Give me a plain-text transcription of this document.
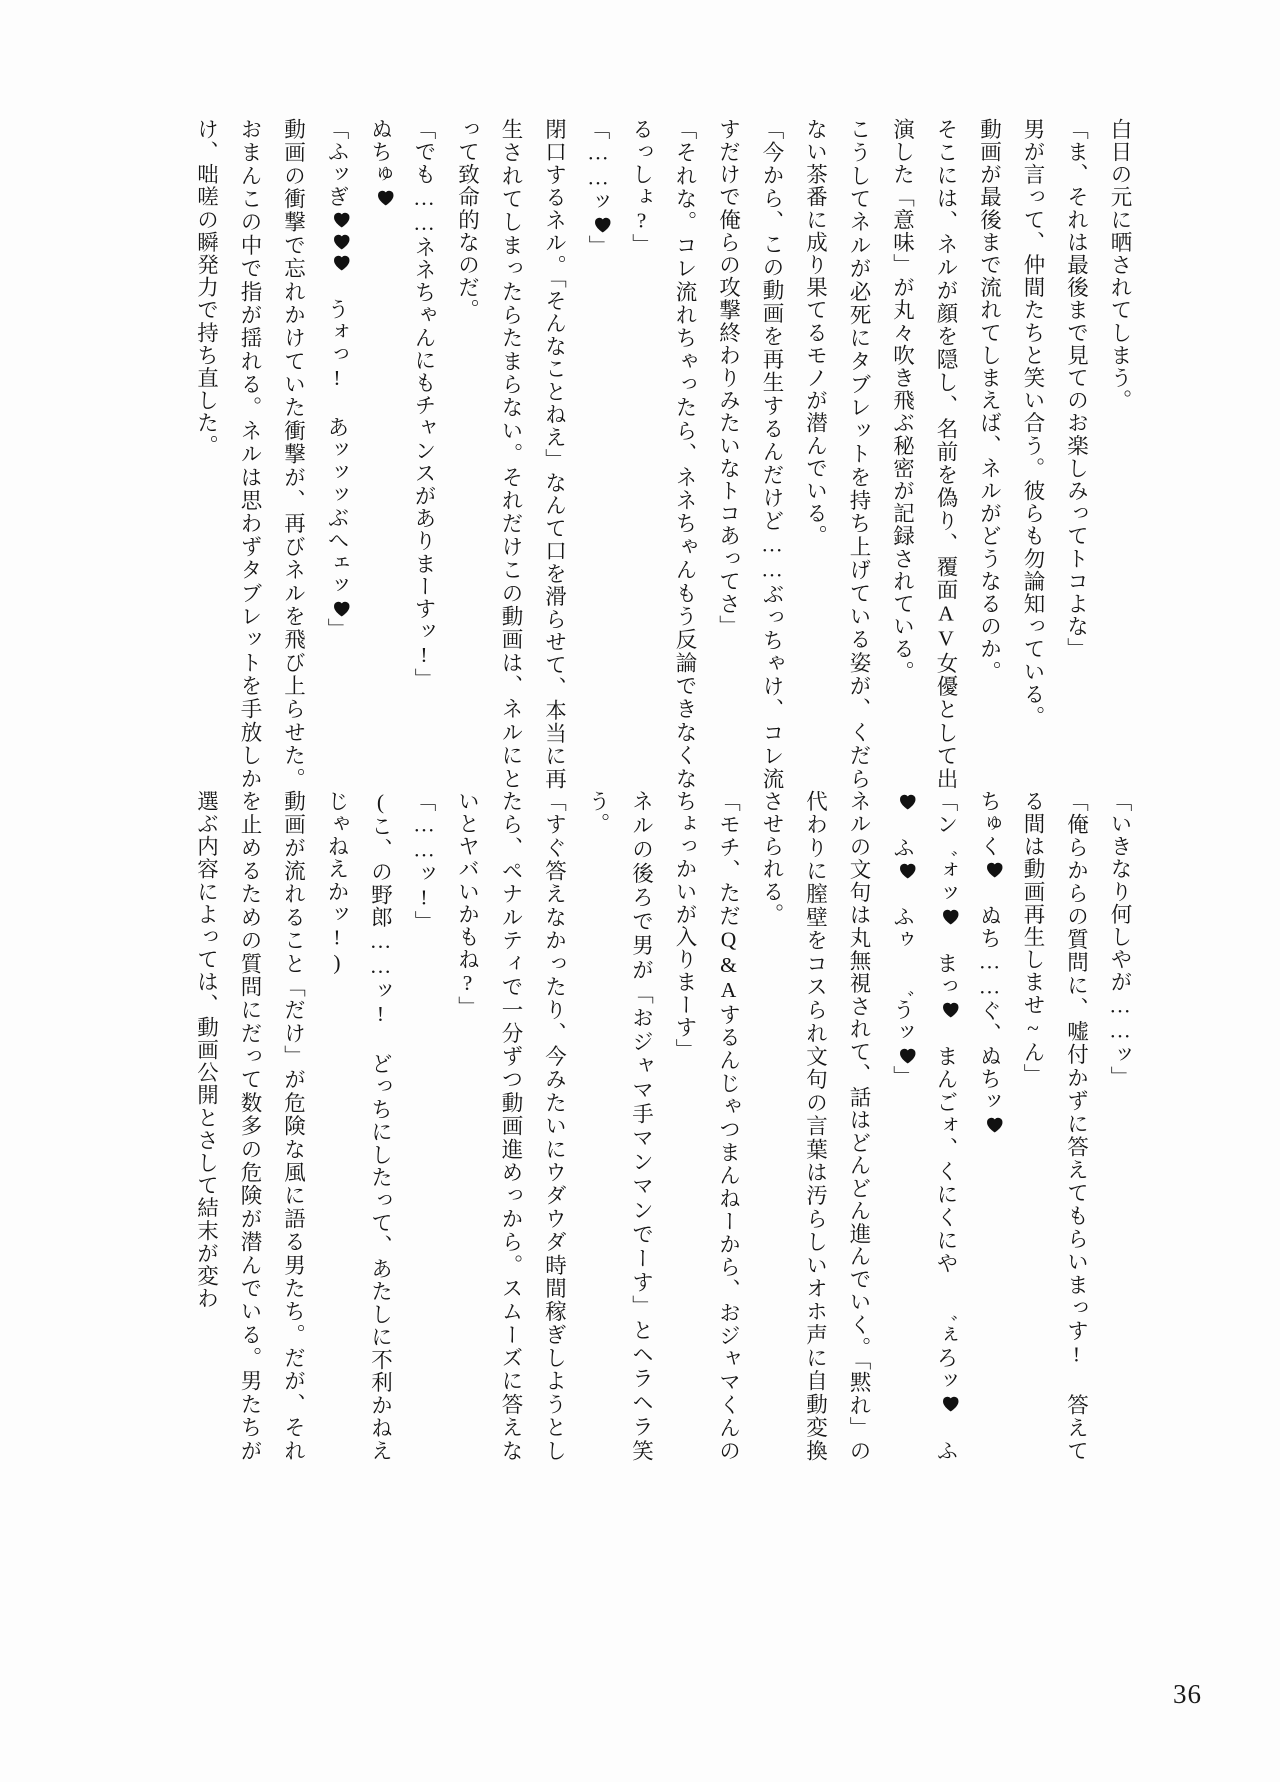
白日の元に晒されてしまう。

「ま、それは最後まで見てのお楽しみってトコよな」

男が言って、仲間たちと笑い合う。彼らも勿論知っている。

動画が最後まで流れてしまえば、ネルがどうなるのか。

そこには、ネルが顔を隠し、名前を偽り、覆面AV女優として出演した「意味」が丸々吹き飛ぶ秘密が記録されている。

こうしてネルが必死にタブレットを持ち上げている姿が、くだらない茶番に成り果てるモノが潜んでいる。

「今から、この動画を再生するんだけど……ぶっちゃけ、コレ流すだけで俺らの攻撃終わりみたいなトコあってさ」

「それな。コレ流れちゃったら、ネネちゃんもう反論できなくなるっしょ?」

「……ッ
」

閉口するネル。「そんなことねえ」なんて口を滑らせて、本当に再生されてしまったらたまらない。それだけこの動画は、ネルにとって致命的なのだ。

「でも……ネネちゃんにもチャンスがありまーすッ!」

ぬちゅ

「ふッぎ
うォっ! あッッッぶへェッ
」

動画の衝撃で忘れかけていた衝撃が、再びネルを飛び上らせた。おまんこの中で指が揺れる。ネルは思わずタブレットを手放しかけ、咄嗟の瞬発力で持ち直した。

「いきなり何しやが……ッ」

「俺らからの質問に、嘘付かずに答えてもらいまっす! 答えてる間は動画再生しませ~ん」

ちゅく
ぬち……ぐ、ぬちッ

「ン゛ォッ
まっ
まんごォ、くにくにや ゛ぇろッ
ふ
ふ
ふゥ ゛うッ
」

ネルの文句は丸無視されて、話はどんどん進んでいく。「黙れ」の代わりに膣壁をコスられ文句の言葉は汚らしいオホ声に自動変換させられる。

「モチ、ただQ&Aするんじゃつまんねーから、おジャマくんのちょっかいが入りまーす」

ネルの後ろで男が「おジャマ手マンマンでーす」とヘラヘラ笑う。

「すぐ答えなかったり、今みたいにウダウダ時間稼ぎしようとしたら、ペナルティで一分ずつ動画進めっから。スムーズに答えないとヤバいかもね?」

「……ッ!」

(こ、の野郎……ッ! どっちにしたって、あたしに不利かねえじゃねえかッ!)

動画が流れること「だけ」が危険な風に語る男たち。だが、それを止めるための質問にだって数多の危険が潜んでいる。男たちが選ぶ内容によっては、動画公開とさして結末が変わ

36
